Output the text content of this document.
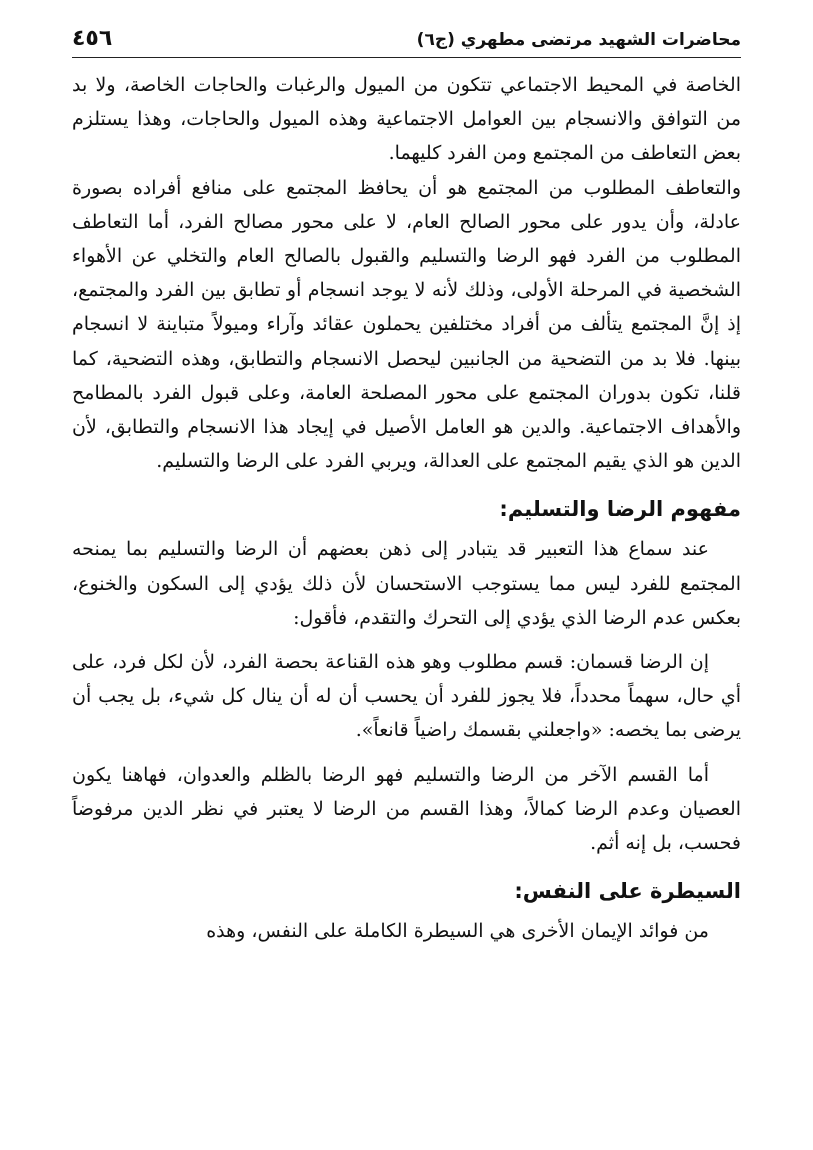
محاضرات الشهيد مرتضى مطهري (ج٦)
٤٥٦

الخاصة في المحيط الاجتماعي تتكون من الميول والرغبات والحاجات الخاصة، ولا بد من التوافق والانسجام بين العوامل الاجتماعية وهذه الميول والحاجات، وهذا يستلزم بعض التعاطف من المجتمع ومن الفرد كليهما.

والتعاطف المطلوب من المجتمع هو أن يحافظ المجتمع على منافع أفراده بصورة عادلة، وأن يدور على محور الصالح العام، لا على محور مصالح الفرد، أما التعاطف المطلوب من الفرد فهو الرضا والتسليم والقبول بالصالح العام والتخلي عن الأهواء الشخصية في المرحلة الأولى، وذلك لأنه لا يوجد انسجام أو تطابق بين الفرد والمجتمع، إذ إنَّ المجتمع يتألف من أفراد مختلفين يحملون عقائد وآراء وميولاً متباينة لا انسجام بينها. فلا بد من التضحية من الجانبين ليحصل الانسجام والتطابق، وهذه التضحية، كما قلنا، تكون بدوران المجتمع على محور المصلحة العامة، وعلى قبول الفرد بالمطامح والأهداف الاجتماعية. والدين هو العامل الأصيل في إيجاد هذا الانسجام والتطابق، لأن الدين هو الذي يقيم المجتمع على العدالة، ويربي الفرد على الرضا والتسليم.

مفهوم الرضا والتسليم:

عند سماع هذا التعبير قد يتبادر إلى ذهن بعضهم أن الرضا والتسليم بما يمنحه المجتمع للفرد ليس مما يستوجب الاستحسان لأن ذلك يؤدي إلى السكون والخنوع، بعكس عدم الرضا الذي يؤدي إلى التحرك والتقدم، فأقول:

إن الرضا قسمان: قسم مطلوب وهو هذه القناعة بحصة الفرد، لأن لكل فرد، على أي حال، سهماً محدداً، فلا يجوز للفرد أن يحسب أن له أن ينال كل شيء، بل يجب أن يرضى بما يخصه: «واجعلني بقسمك راضياً قانعاً».

أما القسم الآخر من الرضا والتسليم فهو الرضا بالظلم والعدوان، فهاهنا يكون العصيان وعدم الرضا كمالاً، وهذا القسم من الرضا لا يعتبر في نظر الدين مرفوضاً فحسب، بل إنه أثم.

السيطرة على النفس:

من فوائد الإيمان الأخرى هي السيطرة الكاملة على النفس، وهذه
